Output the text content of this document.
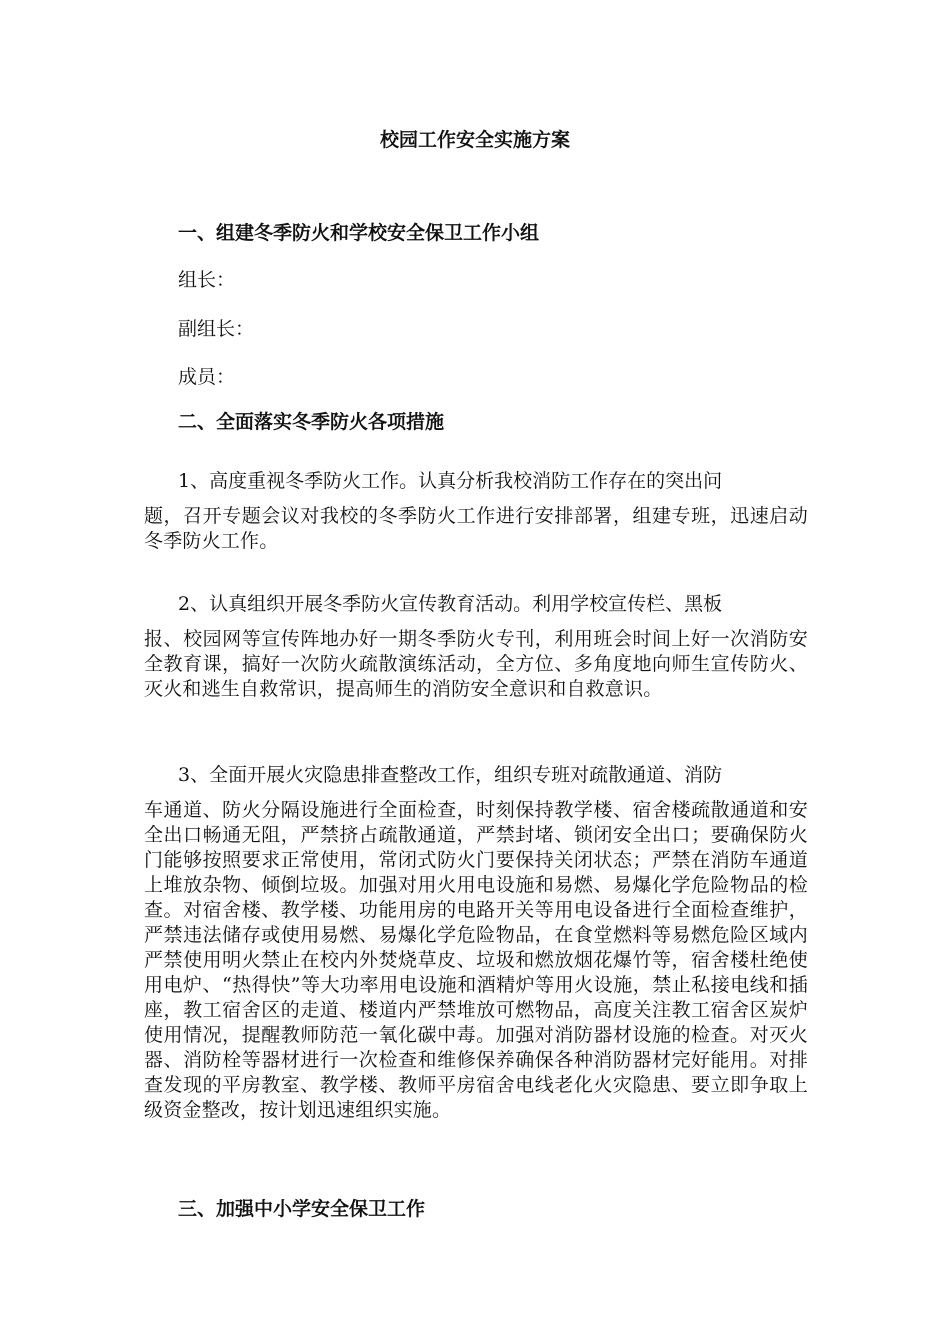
校园工作安全实施方案
一、组建冬季防火和学校安全保卫工作小组
组长：
副组长：
成员：
二、全面落实冬季防火各项措施
1、高度重视冬季防火工作。认真分析我校消防工作存在的突出问
题，召开专题会议对我校的冬季防火工作进行安排部署，组建专班，迅速启动冬季防火工作。
2、认真组织开展冬季防火宣传教育活动。利用学校宣传栏、黑板
报、校园网等宣传阵地办好一期冬季防火专刊，利用班会时间上好一次消防安全教育课，搞好一次防火疏散演练活动，全方位、多角度地向师生宣传防火、灭火和逃生自救常识，提高师生的消防安全意识和自救意识。
3、全面开展火灾隐患排查整改工作，组织专班对疏散通道、消防
车通道、防火分隔设施进行全面检查，时刻保持教学楼、宿舍楼疏散通道和安全出口畅通无阻，严禁挤占疏散通道，严禁封堵、锁闭安全出口；要确保防火门能够按照要求正常使用，常闭式防火门要保持关闭状态；严禁在消防车通道上堆放杂物、倾倒垃圾。加强对用火用电设施和易燃、易爆化学危险物品的检查。对宿舍楼、教学楼、功能用房的电路开关等用电设备进行全面检查维护，严禁违法储存或使用易燃、易爆化学危险物品，在食堂燃料等易燃危险区域内严禁使用明火禁止在校内外焚烧草皮、垃圾和燃放烟花爆竹等，宿舍楼杜绝使用电炉、“热得快”等大功率用电设施和酒精炉等用火设施，禁止私接电线和插座，教工宿舍区的走道、楼道内严禁堆放可燃物品，高度关注教工宿舍区炭炉使用情况，提醒教师防范一氧化碳中毒。加强对消防器材设施的检查。对灭火器、消防栓等器材进行一次检查和维修保养确保各种消防器材完好能用。对排查发现的平房教室、教学楼、教师平房宿舍电线老化火灾隐患、要立即争取上级资金整改，按计划迅速组织实施。
三、加强中小学安全保卫工作
